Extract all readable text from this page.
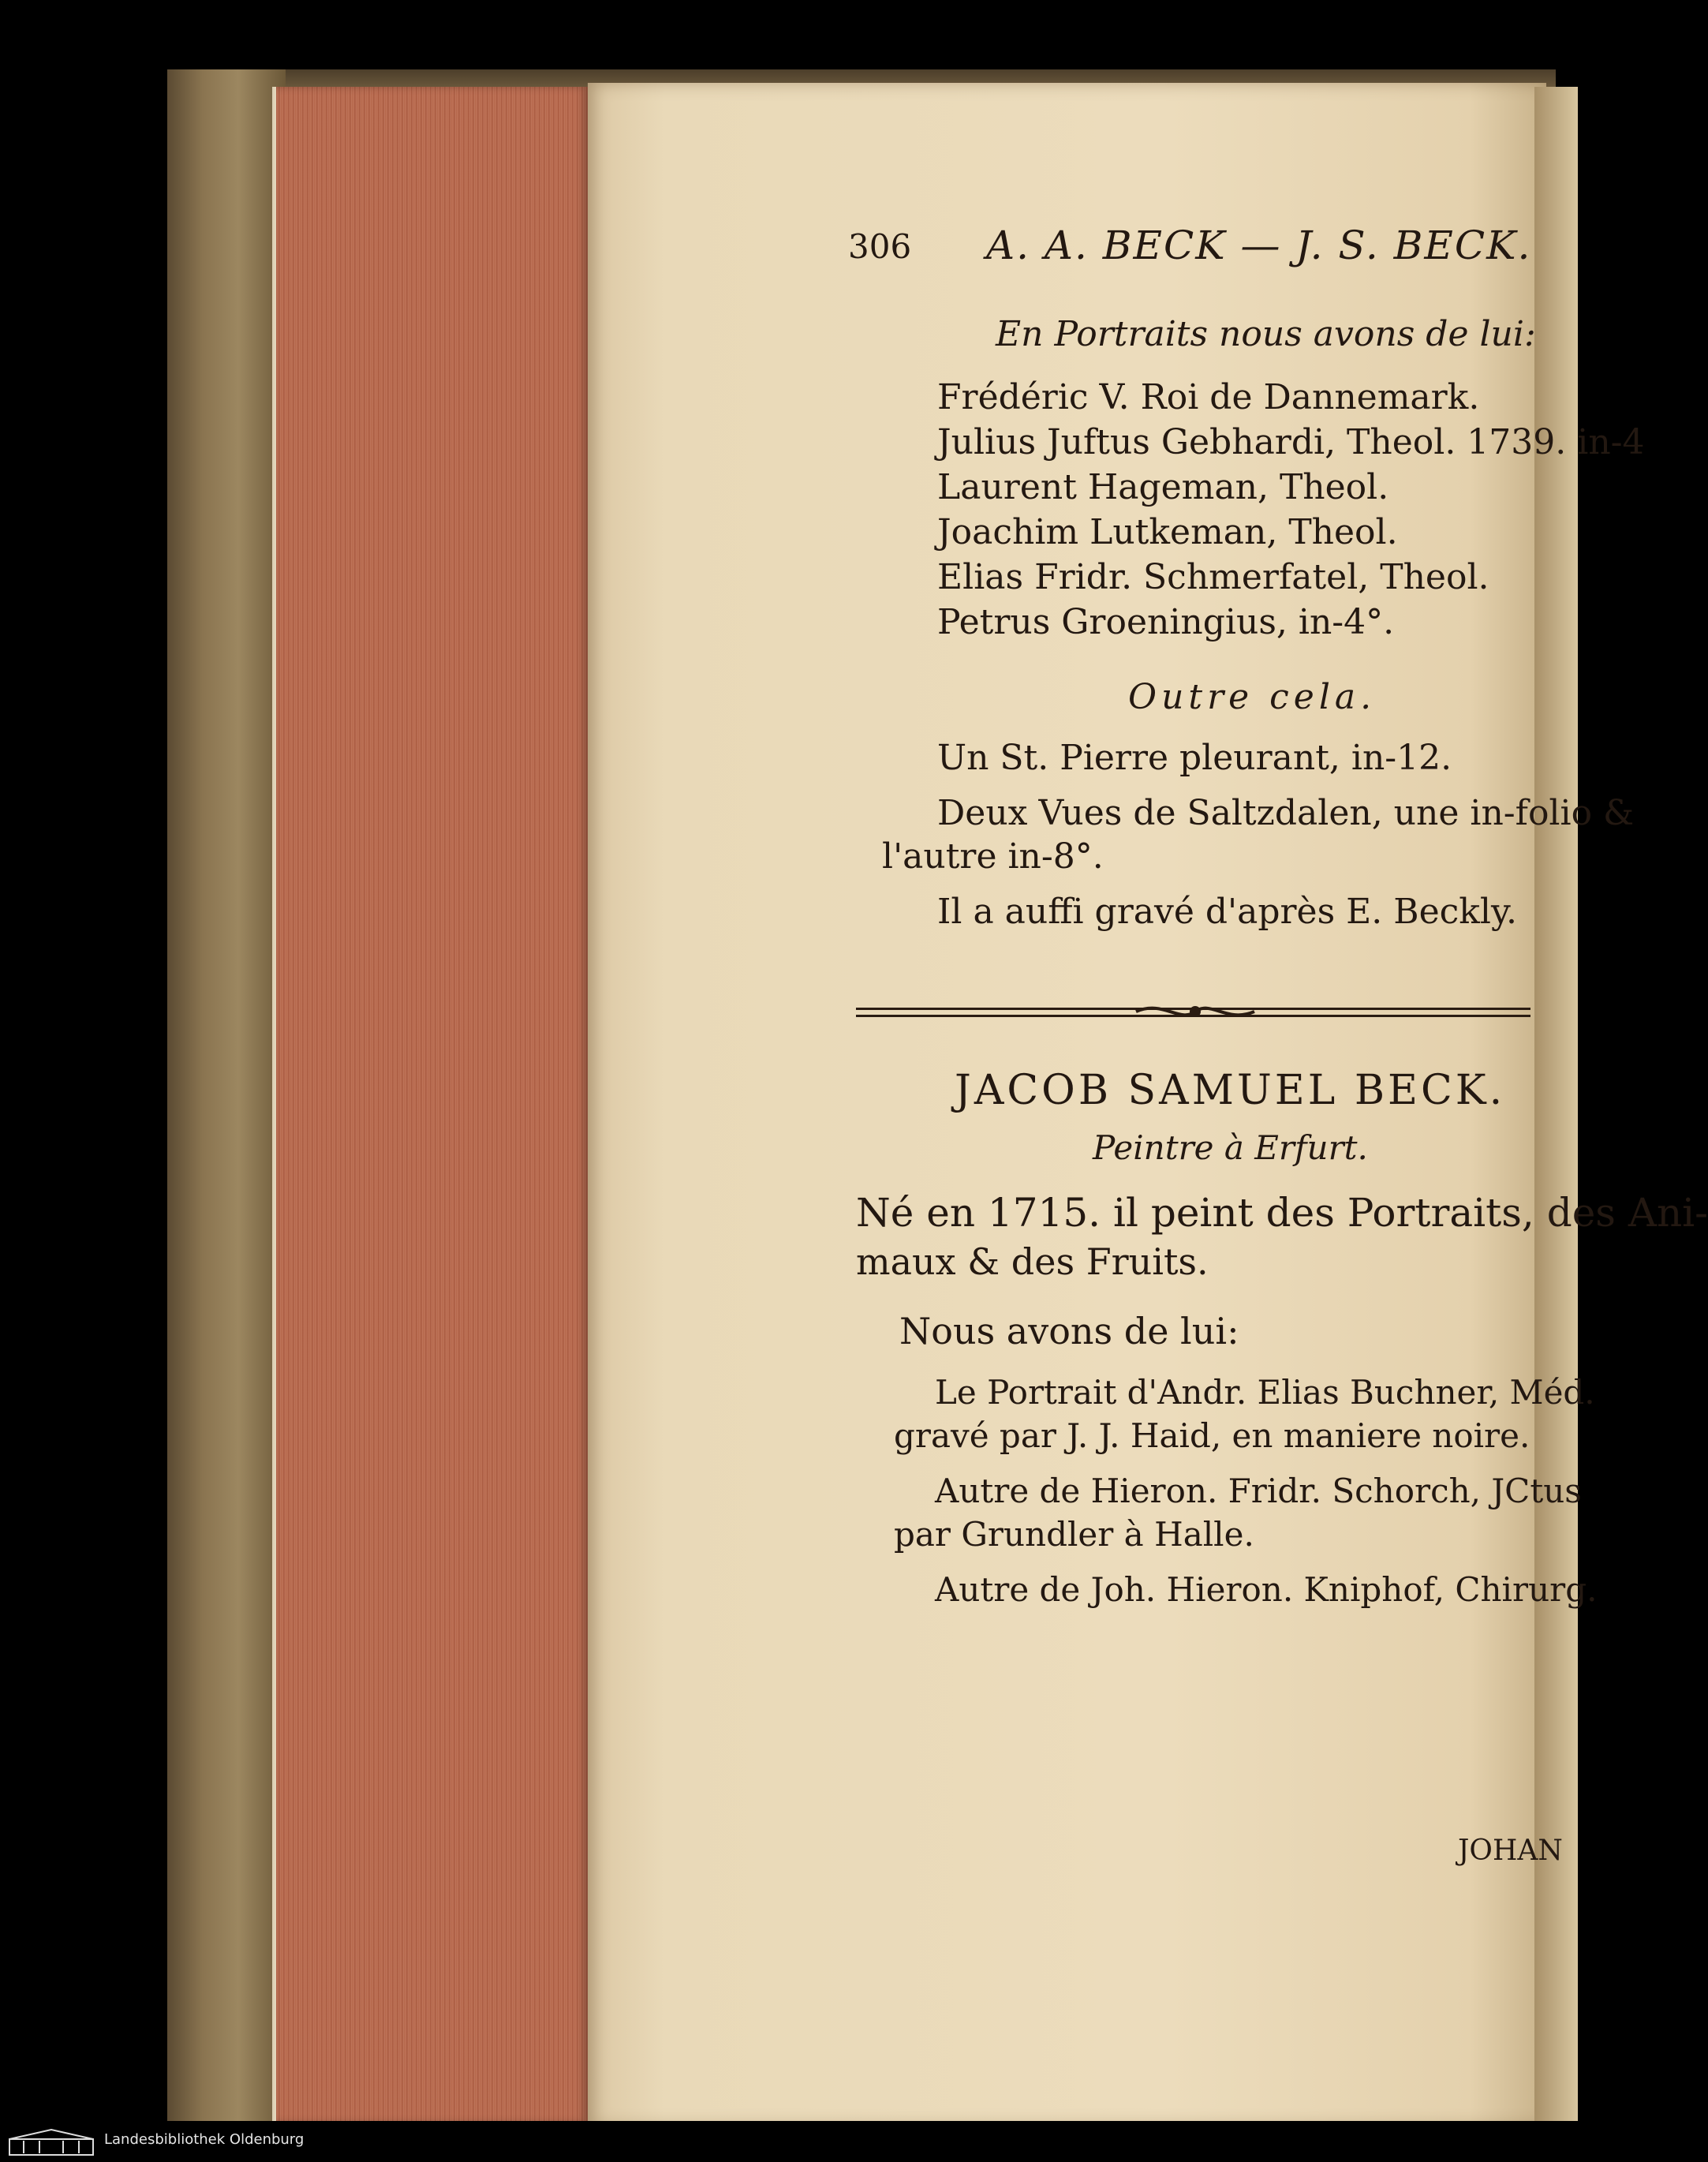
306 A. A. BECK — J. S. BECK.
En Portraits nous avons de lui:
Frédéric V. Roi de Dannemark.
Julius Juftus Gebhardi, Theol. 1739. in-4
Laurent Hageman, Theol.
Joachim Lutkeman, Theol.
Elias Fridr. Schmerfatel, Theol.
Petrus Groeningius, in-4°.
Outre cela.
Un St. Pierre pleurant, in-12.
Deux Vues de Saltzdalen, une in-folio &
l'autre in-8°.
Il a auffi gravé d'après E. Beckly.
JACOB SAMUEL BECK.
Peintre à Erfurt.
Né en 1715. il peint des Portraits, des Ani-
maux & des Fruits.
Nous avons de lui:
Le Portrait d'Andr. Elias Buchner, Méd.
gravé par J. J. Haid, en maniere noire.
Autre de Hieron. Fridr. Schorch, JCtus
par Grundler à Halle.
Autre de Joh. Hieron. Kniphof, Chirurg.
JOHAN
Landesbibliothek Oldenburg
